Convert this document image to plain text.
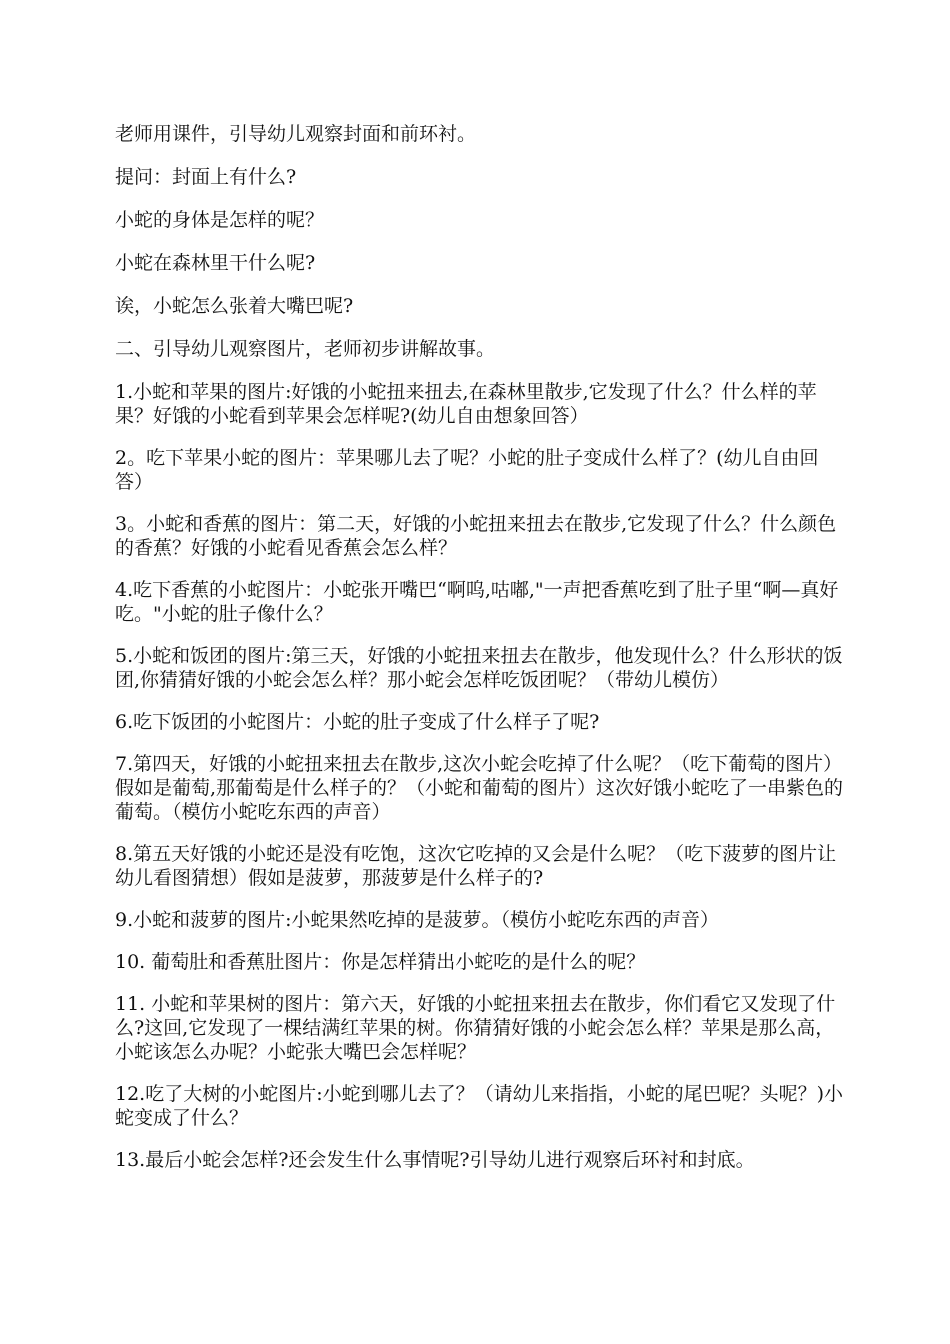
老师用课件，引导幼儿观察封面和前环衬。

提问：封面上有什么?

小蛇的身体是怎样的呢？

小蛇在森林里干什么呢?

诶，小蛇怎么张着大嘴巴呢?

二、引导幼儿观察图片，老师初步讲解故事。

1.小蛇和苹果的图片:好饿的小蛇扭来扭去,在森林里散步,它发现了什么？什么样的苹果？好饿的小蛇看到苹果会怎样呢?(幼儿自由想象回答）

2。吃下苹果小蛇的图片：苹果哪儿去了呢？小蛇的肚子变成什么样了？(幼儿自由回答）

3。小蛇和香蕉的图片：第二天，好饿的小蛇扭来扭去在散步,它发现了什么？什么颜色的香蕉？好饿的小蛇看见香蕉会怎么样？

4.吃下香蕉的小蛇图片：小蛇张开嘴巴“啊呜,咕嘟,"一声把香蕉吃到了肚子里“啊—真好吃。"小蛇的肚子像什么？

5.小蛇和饭团的图片:第三天，好饿的小蛇扭来扭去在散步，他发现什么？什么形状的饭团,你猜猜好饿的小蛇会怎么样？那小蛇会怎样吃饭团呢？（带幼儿模仿）

6.吃下饭团的小蛇图片：小蛇的肚子变成了什么样子了呢?

7.第四天，好饿的小蛇扭来扭去在散步,这次小蛇会吃掉了什么呢？（吃下葡萄的图片）假如是葡萄,那葡萄是什么样子的？（小蛇和葡萄的图片）这次好饿小蛇吃了一串紫色的葡萄。（模仿小蛇吃东西的声音）

8.第五天好饿的小蛇还是没有吃饱，这次它吃掉的又会是什么呢？（吃下菠萝的图片让幼儿看图猜想）假如是菠萝，那菠萝是什么样子的?

9.小蛇和菠萝的图片:小蛇果然吃掉的是菠萝。（模仿小蛇吃东西的声音）

10. 葡萄肚和香蕉肚图片：你是怎样猜出小蛇吃的是什么的呢？

11. 小蛇和苹果树的图片：第六天，好饿的小蛇扭来扭去在散步，你们看它又发现了什么?这回,它发现了一棵结满红苹果的树。你猜猜好饿的小蛇会怎么样？苹果是那么高，小蛇该怎么办呢？小蛇张大嘴巴会怎样呢？

12.吃了大树的小蛇图片:小蛇到哪儿去了？（请幼儿来指指，小蛇的尾巴呢？头呢？)小蛇变成了什么？

13.最后小蛇会怎样?还会发生什么事情呢?引导幼儿进行观察后环衬和封底。
